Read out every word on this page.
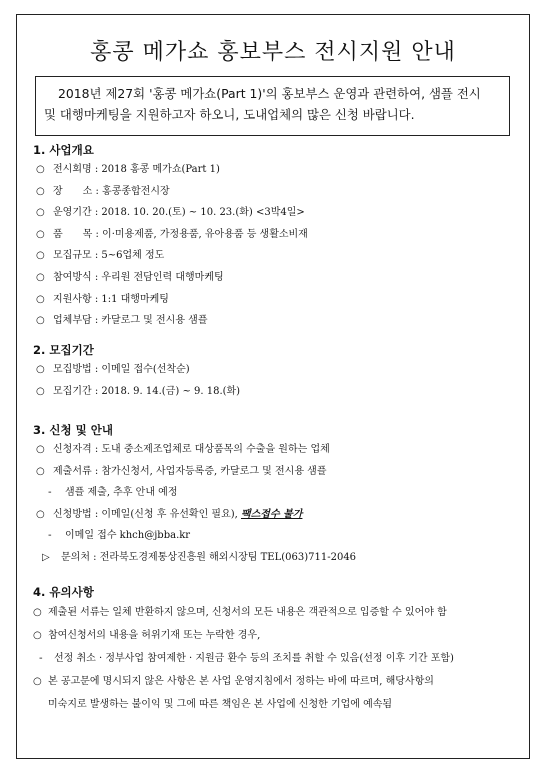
홍콩 메가쇼 홍보부스 전시지원 안내
2018년 제27회 '홍콩 메가쇼(Part 1)'의 홍보부스 운영과 관련하여, 샘플 전시
및 대행마케팅을 지원하고자 하오니, 도내업체의 많은 신청 바랍니다.
1. 사업개요
○ 전시회명 : 2018 홍콩 메가쇼(Part 1)
○ 장　　소 : 홍콩종합전시장
○ 운영기간 : 2018. 10. 20.(토) ~ 10. 23.(화) <3박4일>
○ 품　　목 : 이·미용제품, 가정용품, 유아용품 등 생활소비재
○ 모집규모 : 5~6업체 정도
○ 참여방식 : 우리원 전담인력 대행마케팅
○ 지원사항 : 1:1 대행마케팅
○ 업체부담 : 카달로그 및 전시용 샘플
2. 모집기간
○ 모집방법 : 이메일 접수(선착순)
○ 모집기간 : 2018. 9. 14.(금) ~ 9. 18.(화)
3. 신청 및 안내
○ 신청자격 : 도내 중소제조업체로 대상품목의 수출을 원하는 업체
○ 제출서류 : 참가신청서, 사업자등록증, 카달로그 및 전시용 샘플
- 샘플 제출, 추후 안내 예정
○ 신청방법 : 이메일(신청 후 유선확인 필요), 팩스접수 불가
- 이메일 접수 khch@jbba.kr
▷ 문의처 : 전라북도경제통상진흥원 해외시장팀 TEL(063)711-2046
4. 유의사항
○ 제출된 서류는 일체 반환하지 않으며, 신청서의 모든 내용은 객관적으로 입증할 수 있어야 함
○ 참여신청서의 내용을 허위기재 또는 누락한 경우,
- 선정 취소 · 정부사업 참여제한 · 지원금 환수 등의 조치를 취할 수 있음(선정 이후 기간 포함)
○ 본 공고문에 명시되지 않은 사항은 본 사업 운영지침에서 정하는 바에 따르며, 해당사항의
미숙지로 발생하는 불이익 및 그에 따른 책임은 본 사업에 신청한 기업에 예속됨
